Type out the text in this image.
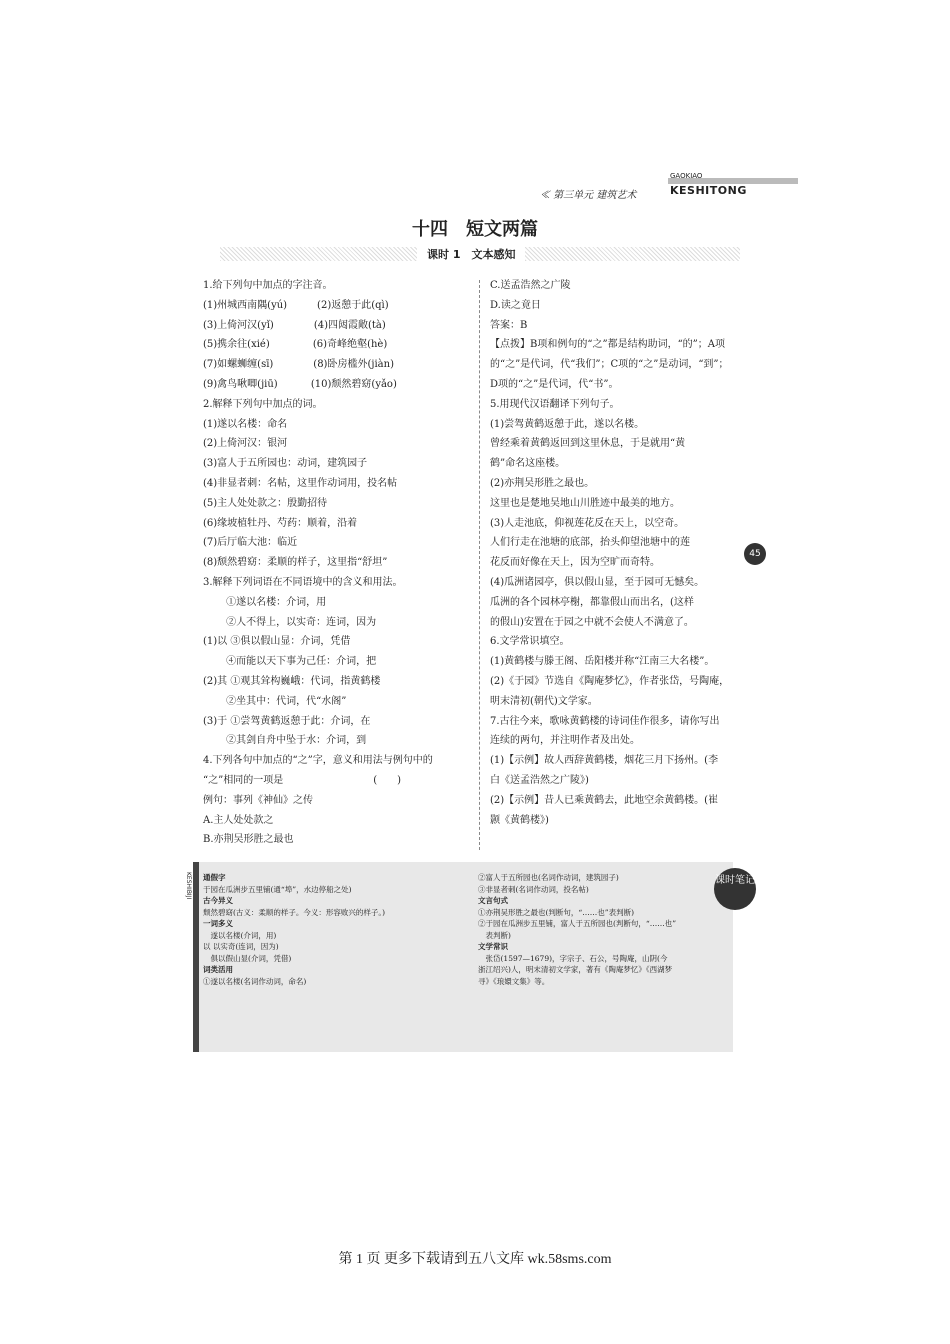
≪ 第三单元 建筑艺术
GAOKIAO
KESHITONG
十四　短文两篇
课时 1　文本感知
1.给下列句中加点的字注音。
(1)州城西南隅(yú)　　　(2)返憩于此(qì)
(3)上倚河汉(yǐ)　　　　(4)四闼霞敞(tà)
(5)携余往(xié)　　　　 (6)奇峰绝壑(hè)
(7)如螺蛳缠(sī)　　　　(8)卧房槛外(jiàn)
(9)禽鸟啾唧(jiū)　　　 (10)颓然碧窈(yǎo)
2.解释下列句中加点的词。
(1)遂以名楼：命名
(2)上倚河汉：银河
(3)富人于五所园也：动词，建筑园子
(4)非显者刺：名帖，这里作动词用，投名帖
(5)主人处处款之：殷勤招待
(6)缘坡植牡丹、芍药：顺着，沿着
(7)后厅临大池：临近
(8)颓然碧窈：柔顺的样子，这里指“舒坦”
3.解释下列词语在不同语境中的含义和用法。
　　 ①遂以名楼：介词，用
　　 ②人不得上，以实奇：连词，因为
(1)以 ③俱以假山显：介词，凭借
　　 ④而能以天下事为己任：介词，把
(2)其 ①观其耸构巍峨：代词，指黄鹤楼
　　 ②坐其中：代词，代“水阁”
(3)于 ①尝驾黄鹤返憩于此：介词，在
　　 ②其剑自舟中坠于水：介词，到
4.下列各句中加点的“之”字，意义和用法与例句中的
“之”相同的一项是　　　　　　　　　(　　)
例句：事列《神仙》之传
A.主人处处款之
B.亦荆吴形胜之最也
C.送孟浩然之广陵
D.读之竟日
答案：B
【点拨】B项和例句的“之”都是结构助词，“的”；A项
的“之”是代词，代“我们”；C项的“之”是动词，“到”；
D项的“之”是代词，代“书”。
5.用现代汉语翻译下列句子。
(1)尝驾黄鹤返憩于此，遂以名楼。
曾经乘着黄鹤返回到这里休息，于是就用“黄
鹤”命名这座楼。
(2)亦荆吴形胜之最也。
这里也是楚地吴地山川胜迹中最美的地方。
(3)人走池底，仰视莲花反在天上，以空奇。
人们行走在池塘的底部，抬头仰望池塘中的莲
花反而好像在天上，因为空旷而奇特。
(4)瓜洲诸园亭，俱以假山显，至于园可无憾矣。
瓜洲的各个园林亭榭，都靠假山而出名，(这样
的假山)安置在于园之中就不会使人不满意了。
6.文学常识填空。
(1)黄鹤楼与滕王阁、岳阳楼并称“江南三大名楼”。
(2)《于园》节选自《陶庵梦忆》，作者张岱，号陶庵，
明末清初(朝代)文学家。
7.古往今来，歌咏黄鹤楼的诗词佳作很多，请你写出
连续的两句，并注明作者及出处。
(1)【示例】故人西辞黄鹤楼，烟花三月下扬州。(李
白《送孟浩然之广陵》)
(2)【示例】昔人已乘黄鹤去，此地空余黄鹤楼。(崔
颢《黄鹤楼》)
45
KESHIBIJI 通假字
于园在瓜洲步五里铺(通“埠”，水边停船之处)
古今异义
颓然碧窈(古义：柔顺的样子。今义：形容败兴的样子。)
一词多义
　遂以名楼(介词，用)
以 以实奇(连词，因为)
　俱以假山显(介词，凭借)
词类活用
①遂以名楼(名词作动词，命名)
②富人于五所园也(名词作动词，建筑园子)
③非显者刺(名词作动词，投名帖)
文言句式
①亦荆吴形胜之最也(判断句，“……也”表判断)
②于园在瓜洲步五里铺，富人于五所园也(判断句，“……也”
　表判断)
文学常识
　张岱(1597—1679)，字宗子、石公，号陶庵，山阴(今
浙江绍兴)人，明末清初文学家，著有《陶庵梦忆》《西湖梦
寻》《琅嬛文集》等。
课时笔记
第 1 页 更多下载请到五八文库 wk.58sms.com
